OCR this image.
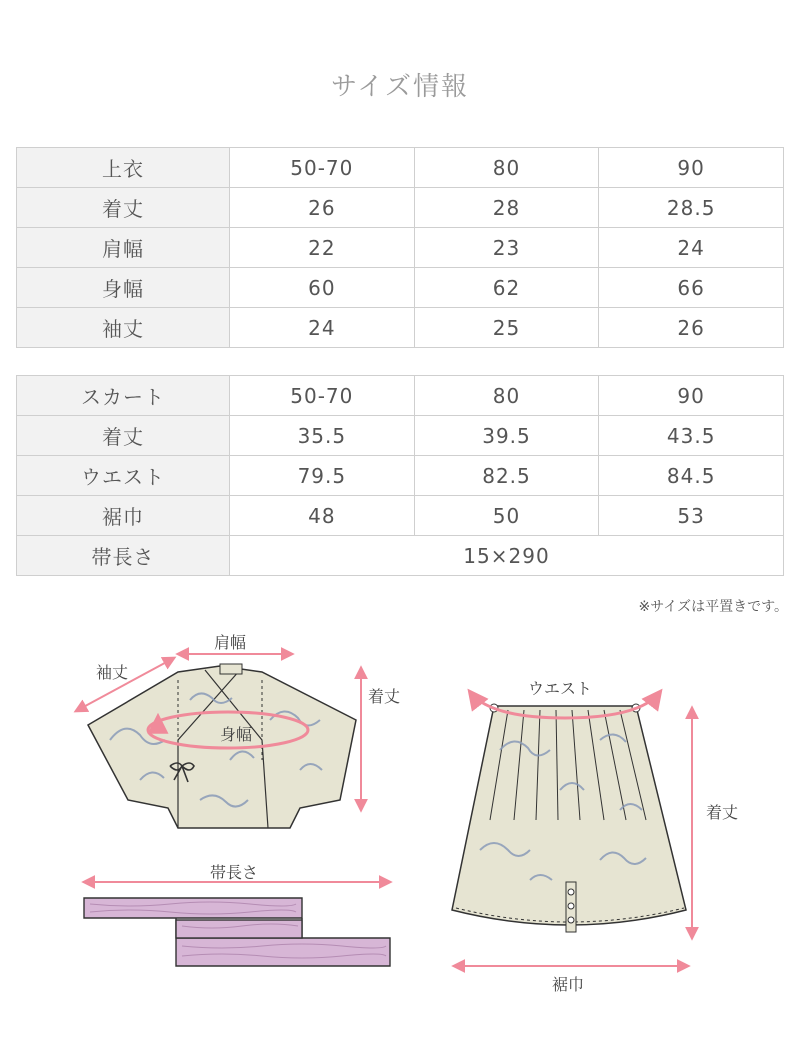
サイズ情報
上衣	50-70	80	90
着丈	26	28	28.5
肩幅	22	23	24
身幅	60	62	66
袖丈	24	25	26
スカート	50-70	80	90
着丈	35.5	39.5	43.5
ウエスト	79.5	82.5	84.5
裾巾	48	50	53
帯長さ	15×290		
※サイズは平置きです。
肩幅
袖丈
着丈
身幅
帯長さ
ウエスト
着丈
裾巾
